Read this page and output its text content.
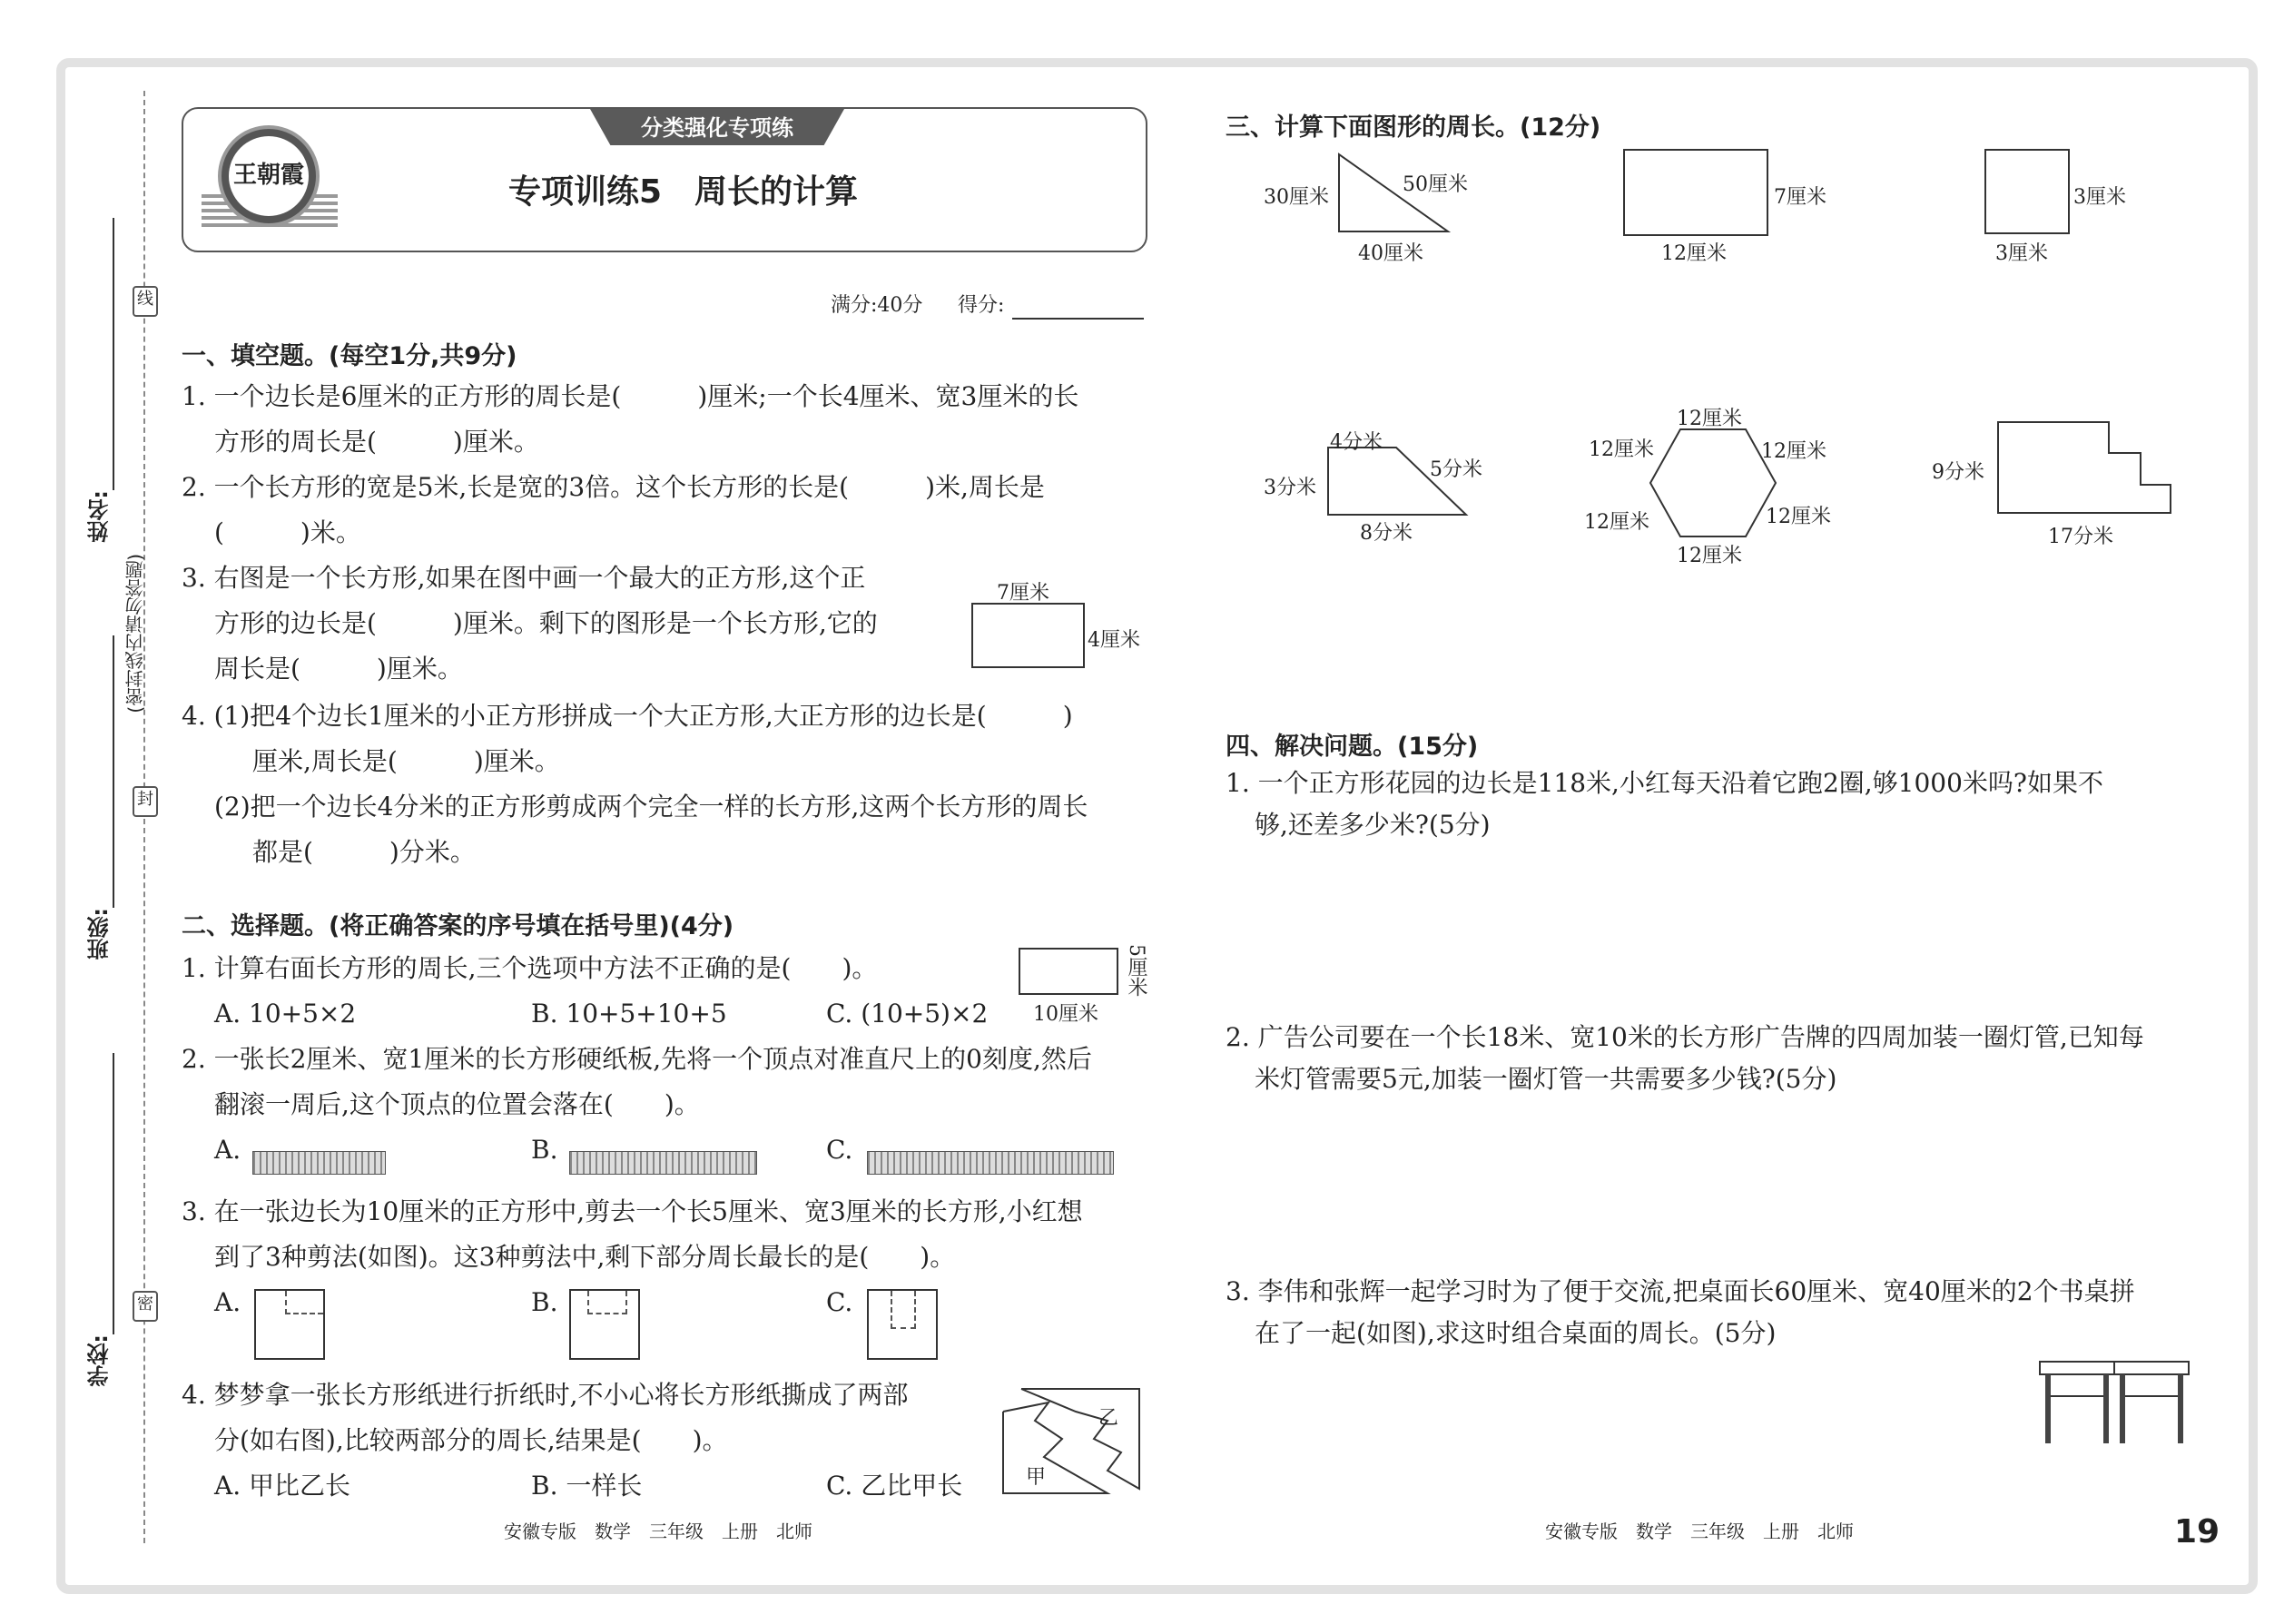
线
封
密
姓名:
班级:
学校:
(密封线内请勿答题)
分类强化专项练
王朝霞	专项训练5　周长的计算
满分:40分 得分:
一、填空题。(每空1分,共9分)
1. 一个边长是6厘米的正方形的周长是(　　　)厘米;一个长4厘米、宽3厘米的长
方形的周长是(　　　)厘米。
2. 一个长方形的宽是5米,长是宽的3倍。这个长方形的长是(　　　)米,周长是
(　　　)米。
3. 右图是一个长方形,如果在图中画一个最大的正方形,这个正
方形的边长是(　　　)厘米。剩下的图形是一个长方形,它的
周长是(　　　)厘米。
7厘米
4厘米
4. (1)把4个边长1厘米的小正方形拼成一个大正方形,大正方形的边长是(　　　)
厘米,周长是(　　　)厘米。
(2)把一个边长4分米的正方形剪成两个完全一样的长方形,这两个长方形的周长
都是(　　　)分米。
二、选择题。(将正确答案的序号填在括号里)(4分)
1. 计算右面长方形的周长,三个选项中方法不正确的是(　　)。
10厘米
5厘米
A. 10+5×2	B. 10+5+10+5	C. (10+5)×2
2. 一张长2厘米、宽1厘米的长方形硬纸板,先将一个顶点对准直尺上的0刻度,然后
翻滚一周后,这个顶点的位置会落在(　　)。
A.	B.	C.
3. 在一张边长为10厘米的正方形中,剪去一个长5厘米、宽3厘米的长方形,小红想
到了3种剪法(如图)。这3种剪法中,剩下部分周长最长的是(　　)。
A.	B.	C.
4. 梦梦拿一张长方形纸进行折纸时,不小心将长方形纸撕成了两部
分(如右图),比较两部分的周长,结果是(　　)。
A. 甲比乙长	B. 一样长	C. 乙比甲长	甲
乙
安徽专版　数学　三年级　上册　北师
三、计算下面图形的周长。(12分)
30厘米
50厘米
40厘米
7厘米
12厘米
3厘米
3厘米
4分米
5分米
3分米
8分米
12厘米
12厘米	12厘米
12厘米	12厘米
12厘米
9分米
17分米
四、解决问题。(15分)
1. 一个正方形花园的边长是118米,小红每天沿着它跑2圈,够1000米吗?如果不
够,还差多少米?(5分)
2. 广告公司要在一个长18米、宽10米的长方形广告牌的四周加装一圈灯管,已知每
米灯管需要5元,加装一圈灯管一共需要多少钱?(5分)
3. 李伟和张辉一起学习时为了便于交流,把桌面长60厘米、宽40厘米的2个书桌拼
在了一起(如图),求这时组合桌面的周长。(5分)
安徽专版　数学　三年级　上册　北师	19
